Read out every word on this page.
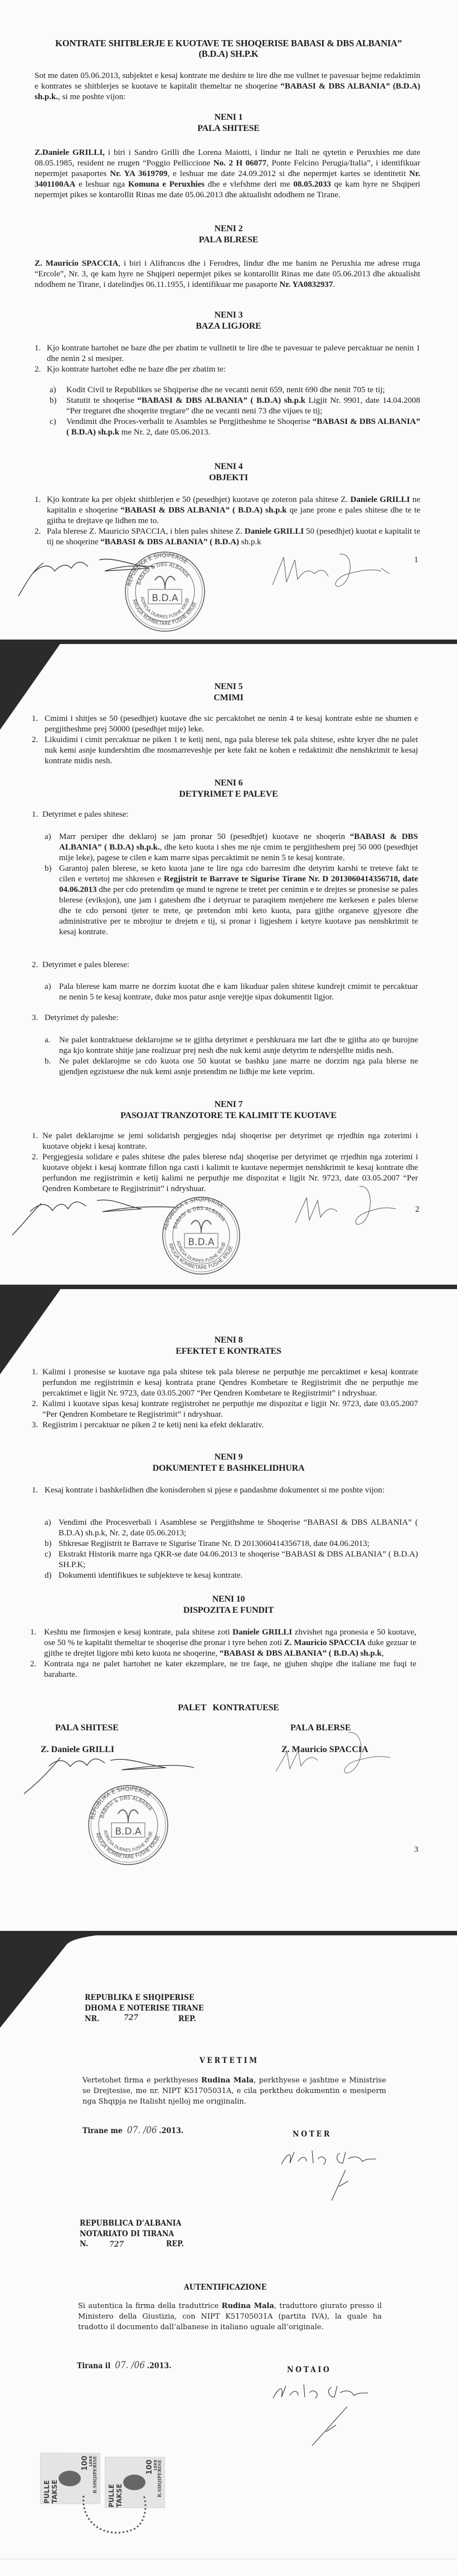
KONTRATE SHITBLERJE E KUOTAVE TE SHOQERISE BABASI & DBS ALBANIA”
(B.D.A) SH.P.K
Sot me daten 05.06.2013, subjektet e kesaj kontrate me deshire te lire dhe me vullnet te pavesuar bejme redaktimin e kontrates se shitblerjes se kuotave te kapitalit themeltar ne shoqerine “BABASI & DBS ALBANIA” (B.D.A) sh.p.k., si me poshte vijon:
NENI 1
PALA SHITESE
Z.Daniele GRILLI, i biri i Sandro Grilli dhe Lorena Maiotti, i lindur ne Itali ne qytetin e Peruxhies me date 08.05.1985, resident ne rrugen “Poggio Pelliccione No. 2 H 06077, Ponte Felcino Perugia/Italia”, i identifikuar nepermjet pasaportes Nr. YA 3619709, e leshuar me date 24.09.2012 si dhe nepermjet kartes se identitetit Nr. 3401100AA e leshuar nga Komuna e Peruxhies dhe e vlefshme deri me 08.05.2033 qe kam hyre ne Shqiperi nepermjet pikes se kontarollit Rinas me date 05.06.2013 dhe aktualisht ndodhem ne Tirane.
NENI 2
PALA BLRESE
Z. Mauricio SPACCIA, i biri i Alifrancos dhe i Ferodres, lindur dhe me banim ne Peruxhia me adrese rruga “Ercole”, Nr. 3, qe kam hyre ne Shqiperi nepermjet pikes se kontarollit Rinas me date 05.06.2013 dhe aktualisht ndodhem ne Tirane, i datelindjes 06.11.1955, i identifikuar me pasaporte Nr. YA0832937.
NENI 3
BAZA LIGJORE
1. Kjo kontrate hartohet ne baze dhe per zbatim te vullnetit te lire dhe te pavesuar te paleve percaktuar ne nenin 1 dhe nenin 2 si mesiper.
2. Kjo kontrate hartohet edhe ne baze dhe per zbatim te:
a)	Kodit Civil te Republikes se Shqiperise dhe ne vecanti nenit 659, nenit 690 dhe nenit 705 te tij;
b)	Statutit te shoqerise “BABASI & DBS ALBANIA” ( B.D.A) sh.p.k Ligjit Nr. 9901, date 14.04.2008 “Per tregtaret dhe shoqerite tregtare” dhe ne vecanti neni 73 dhe vijues te tij;
c)	Vendimit dhe Proces-verbalit te Asambles se Pergjitheshme te Shoqerise “BABASI & DBS ALBANIA” ( B.D.A) sh.p.k me Nr. 2, date 05.06.2013.
NENI 4
OBJEKTI
1. Kjo kontrate ka per objekt shitblerjen e 50 (pesedhjet) kuotave qe zoteron pala shitese Z. Daniele GRILLI ne kapitalin e shoqerine “BABASI & DBS ALBANIA” ( B.D.A) sh.p.k qe jane prone e pales shitese dhe te te gjitha te drejtave qe lidhen me to.
2. Pala blerese Z. Mauricio SPACCIA, i blen pales shitese Z. Daniele GRILLI 50 (pesedhjet) kuotat e kapitalit te tij ne shoqerine “BABASI & DBS ALBANIA” ( B.D.A) sh.p.k
1
REPUBLIKA E SHQIPERISE
BABASI & DBS ALBANIA
RRUGA KOMBETARE FUSHE KRUJE
ADRESA DURRES FUSHE KRUJE
B.D.A
NENI 5
CMIMI
1. Cmimi i shitjes se 50 (pesedhjet) kuotave dhe sic percaktohet ne nenin 4 te kesaj kontrate eshte ne shumen e pergjitheshme prej 50000 (pesedhjet mije) leke.
2. Likuidimi i cimit percaktuar ne piken 1 te ketij neni, nga pala blerese tek pala shitese, eshte kryer dhe ne palet nuk kemi asnje kundershtim dhe mosmarreveshje per kete fakt ne kohen e redaktimit dhe nenshkrimit te kesaj kontrate midis nesh.
NENI 6
DETYRIMET E PALEVE
1. Detyrimet e pales shitese:
a) Marr persiper dhe deklaroj se jam pronar 50 (pesedhjet) kuotave ne shoqerin “BABASI & DBS ALBANIA” ( B.D.A) sh.p.k., dhe keto kuota i shes me nje cmim te pergjitheshem prej 50 000 (pesedhjet mije leke), pagese te cilen e kam marre sipas percaktimit ne nenin 5 te kesaj kontrate.
b) Garantoj palen blerese, se keto kuota jane te lire nga cdo barresim dhe detyrim karshi te treteve fakt te cilen e vertetoj me shkresen e Regjistrit te Barrave te Sigurise Tirane Nr. D 2013060414356718, date 04.06.2013 dhe per cdo pretendim qe mund te ngrene te tretet per cenimin e te drejtes se pronesise se pales blerese (eviksjon), une jam i gateshem dhe i detyruar te paraqitem menjehere me kerkesen e pales blerse dhe te cdo personi tjeter te trete, qe pretendon mbi keto kuota, para gjithe organeve gjyesore dhe administrative per te mbrojtur te drejetn e tij, si pronar i ligjeshem i ketyre kuotave pas nenshkrimit te kesaj kontrate.
2. Detyrimet e pales blerese:
a) Pala blerese kam marre ne dorzim kuotat dhe e kam likuduar palen shitese kundrejt cmimit te percaktuar ne nenin 5 te kesaj kontrate, duke mos patur asnje verejtje sipas dokumentit ligjor.
3. Detyrimet dy paleshe:
a.	Ne palet kontraktuese deklarojme se te gjitha detyrimet e pershkruara me lart dhe te gjitha ato qe burojne nga kjo kontrate shitje jane realizuar prej nesh dhe nuk kemi asnje detyrim te ndersjellte midis nesh.
b. Ne palet deklarojme se cdo kuota ose 50 kuotat se bashku jane marre ne dorzim nga pala blerse ne gjendjen egzistuese dhe nuk kemi asnje pretendim ne lidhje me kete veprim.
NENI 7
PASOJAT TRANZOTORE TE KALIMIT TE KUOTAVE
1. Ne palet deklarojme se jemi solidarish pergjegjes ndaj shoqerise per detyrimet qe rrjedhin nga zoterimi i kuotave objekt i kesaj kontrate.
2. Pergjegjesia solidare e pales shitese dhe pales blerese ndaj shoqerise per detyrimet qe rrjedhin nga zoterimi i kuotave objekt i kesaj kontrate fillon nga casti i kalimit te kuotave nepermjet nenshkrimit te kesaj kontrate dhe perfundon me regjistrimin e ketij kalimi ne perputhje me dispozitat e ligjit Nr. 9723, date 03.05.2007 “Per Qendren Kombetare te Regjistrimit” i ndryshuar.
2
REPUBLIKA E SHQIPERISE
BABASI & DBS ALBANIA
RRUGA KOMBETARE FUSHE KRUJE
ADRESA DURRES FUSHE KRUJE
B.D.A
NENI 8
EFEKTET E KONTRATES
1. Kalimi i pronesise se kuotave nga pala shitese tek pala blerese ne perputhje me percaktimet e kesaj kontrate perfundon me regjistrimin e kesaj kontrata prane Qendres Kombetare te Regjistrimit dhe ne perputhje me percaktimet e ligjit Nr. 9723, date 03.05.2007 “Per Qendren Kombetare te Regjistrimit” i ndryshuar.
2. Kalimi i kuotave sipas kesaj kontrate regjistrohet ne perputhje me dispozitat e ligjit Nr. 9723, date 03.05.2007 “Per Qendren Kombetare te Regjistrimit” i ndryshuar.
3. Regjistrim i percaktuar ne piken 2 te ketij neni ka efekt deklarativ.
NENI 9
DOKUMENTET E BASHKELIDHURA
1. Kesaj kontrate i bashkelidhen dhe konisderohen si pjese e pandashme dokumentet si me poshte vijon:
a) Vendimi dhe Procesverbali i Asamblese se Pergjithshme te Shoqerise “BABASI & DBS ALBANIA” ( B.D.A) sh.p.k, Nr. 2, date 05.06.2013;
b) Shkresae Regjistrit te Barrave te Sigurise Tirane Nr. D 2013060414356718, date 04.06.2013;
c) Ekstrakt Historik marre nga QKR-se date 04.06.2013 te shoqerise “BABASI & DBS ALBANIA” ( B.D.A) SH.P.K;
d) Dokumenti identifikues te subjekteve te kesaj kontrate.
NENI 10
DISPOZITA E FUNDIT
1. Keshtu me firmosjen e kesaj kontrate, pala shitese zoti Daniele GRILLI zhvishet nga pronesia e 50 kuotave, ose 50 % te kapitalit themeltar te shoqerise dhe pronar i tyre behen zoti Z. Mauricio SPACCIA duke gezuar te gjithe te drejtet ligjore mbi keto kuota ne shoqerine, “BABASI & DBS ALBANIA” ( B.D.A) sh.p.k,
2. Kontrata nga ne palet hartohet ne kater ekzemplare, ne tre faqe, ne gjuhen shqipe dhe italiane me fuqi te barabarte.
PALET   KONTRATUESE
PALA SHITESE	PALA BLERSE
Z. Daniele GRILLI	Z. Mauricio SPACCIA
3
REPUBLIKA E SHQIPERISE
BABASI & DBS ALBANIA
RRUGA KOMBETARE FUSHE KRUJE
ADRESA DURRES FUSHE KRUJE
B.D.A
REPUBLIKA E SHQIPERISE
DHOMA E NOTERISE TIRANE
NR.	727	REP.
VERTETIM
Vertetohet firma e perkthyeses Rudina Mala, perkthyese e jashtme e Ministrise se Drejtesise, me nr. NIPT K51705031A, e cila perktheu dokumentin e mesiperm nga Shqipja ne Italisht njelloj me origjinalin.
Tirane me 07. /06 .2013.	NOTER
REPUBBLICA D’ALBANIA
NOTARIATO DI TIRANA
N.	727	REP.
AUTENTIFICAZIONE
Si autentica la firma della traduttrice Rudina Mala, traduttore giurato presso il Ministero della Giustizia, con NIPT K51705031A (partita IVA), la quale ha tradotto il documento dall’albanese in italiano uguale all’originale.
Tirana il 07. /06 .2013.	NOTAIO
PULLE TAKSE
100 LEKE
R.SHQIPERISE
PULLE TAKSE
100 LEKE
R.SHQIPERISE
